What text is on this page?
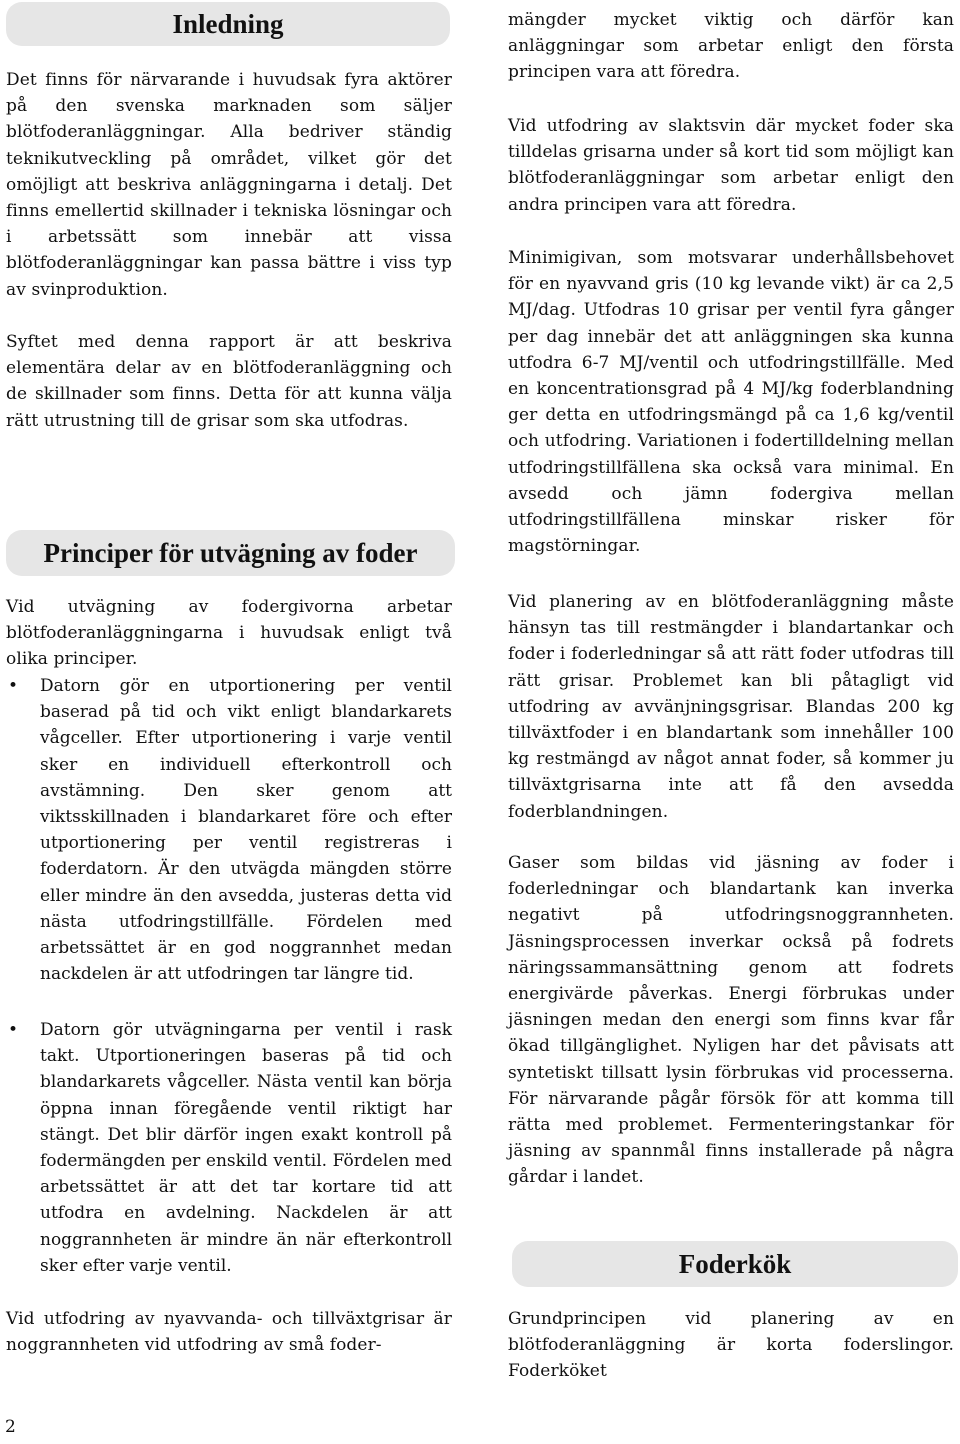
Inledning

Det finns för närvarande i huvudsak fyra aktörer på den svenska marknaden som säljer blötfoderanläggningar. Alla bedriver ständig teknikutveckling på området, vilket gör det omöjligt att beskriva anläggningarna i detalj. Det finns emellertid skillnader i tekniska lösningar och i arbetssätt som innebär att vissa blötfoderanläggningar kan passa bättre i viss typ av svinproduktion.

Syftet med denna rapport är att beskriva elementära delar av en blötfoderanläggning och de skillnader som finns. Detta för att kunna välja rätt utrustning till de grisar som ska utfodras.

Principer för utvägning av foder

Vid utvägning av fodergivorna arbetar blötfoderanläggningarna i huvudsak enligt två olika principer.

• Datorn gör en utportionering per ventil baserad på tid och vikt enligt blandarkarets vågceller. Efter utportionering i varje ventil sker en individuell efterkontroll och avstämning. Den sker genom att viktsskillnaden i blandarkaret före och efter utportionering per ventil registreras i foderdatorn. Är den utvägda mängden större eller mindre än den avsedda, justeras detta vid nästa utfodringstillfälle. Fördelen med arbetssättet är en god noggrannhet medan nackdelen är att utfodringen tar längre tid.
• Datorn gör utvägningarna per ventil i rask takt. Utportioneringen baseras på tid och blandarkarets vågceller. Nästa ventil kan börja öppna innan föregående ventil riktigt har stängt. Det blir därför ingen exakt kontroll på fodermängden per enskild ventil. Fördelen med arbetssättet är att det tar kortare tid att utfodra en avdelning. Nackdelen är att noggrannheten är mindre än när efterkontroll sker efter varje ventil.

Vid utfodring av nyavvanda- och tillväxtgrisar är noggrannheten vid utfodring av små foder-

mängder mycket viktig och därför kan anläggningar som arbetar enligt den första principen vara att föredra.

Vid utfodring av slaktsvin där mycket foder ska tilldelas grisarna under så kort tid som möjligt kan blötfoderanläggningar som arbetar enligt den andra principen vara att föredra.

Minimigivan, som motsvarar underhållsbehovet för en nyavvand gris (10 kg levande vikt) är ca 2,5 MJ/dag. Utfodras 10 grisar per ventil fyra gånger per dag innebär det att anläggningen ska kunna utfodra 6-7 MJ/ventil och utfodringstillfälle. Med en koncentrationsgrad på 4 MJ/kg foderblandning ger detta en utfodringsmängd på ca 1,6 kg/ventil och utfodring. Variationen i fodertilldelning mellan utfodringstillfällena ska också vara minimal. En avsedd och jämn fodergiva mellan utfodringstillfällena minskar risker för magstörningar.

Vid planering av en blötfoderanläggning måste hänsyn tas till restmängder i blandartankar och foder i foderledningar så att rätt foder utfodras till rätt grisar. Problemet kan bli påtagligt vid utfodring av avvänjningsgrisar. Blandas 200 kg tillväxtfoder i en blandartank som innehåller 100 kg restmängd av något annat foder, så kommer ju tillväxtgrisarna inte att få den avsedda foderblandningen.

Gaser som bildas vid jäsning av foder i foderledningar och blandartank kan inverka negativt på utfodringsnoggrannheten. Jäsningsprocessen inverkar också på fodrets näringssammansättning genom att fodrets energivärde påverkas. Energi förbrukas under jäsningen medan den energi som finns kvar får ökad tillgänglighet. Nyligen har det påvisats att syntetiskt tillsatt lysin förbrukas vid processerna. För närvarande pågår försök för att komma till rätta med problemet. Fermenteringstankar för jäsning av spannmål finns installerade på några gårdar i landet.

Foderkök

Grundprincipen vid planering av en blötfoderanläggning är korta foderslingor. Foderköket

2
